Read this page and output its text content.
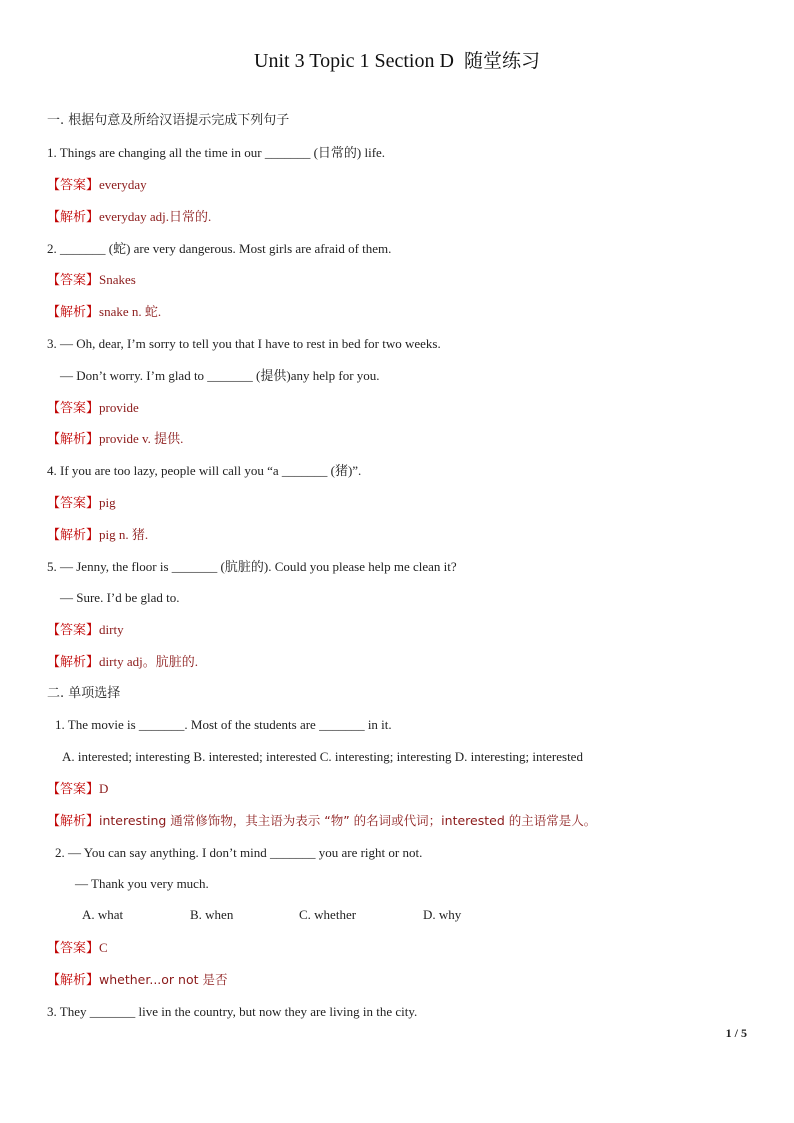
Unit 3 Topic 1 Section D 随堂练习
一. 根据句意及所给汉语提示完成下列句子
1. Things are changing all the time in our _______ (日常的) life.
【答案】everyday
【解析】everyday adj.日常的.
2. _______ (蛇) are very dangerous. Most girls are afraid of them.
【答案】Snakes
【解析】snake n. 蛇.
3. — Oh, dear, I’m sorry to tell you that I have to rest in bed for two weeks.
— Don’t worry. I’m glad to _______ (提供)any help for you.
【答案】provide
【解析】provide v. 提供.
4. If you are too lazy, people will call you “a _______ (猪)”.
【答案】pig
【解析】pig n. 猪.
5. — Jenny, the floor is _______ (肮脏的). Could you please help me clean it?
— Sure. I’d be glad to.
【答案】dirty
【解析】dirty adj。肮脏的.
二. 单项选择
1. The movie is _______. Most of the students are _______ in it.
A. interested; interesting B. interested; interested C. interesting; interesting D. interesting; interested
【答案】D
【解析】interesting 通常修饰物，其主语为表示 “物” 的名词或代词；interested 的主语常是人。
2. — You can say anything. I don’t mind _______ you are right or not.
— Thank you very much.
A. what	B. when	C. whether	D. why
【答案】C
【解析】whether...or not 是否
3. They _______ live in the country, but now they are living in the city.
1 / 5
